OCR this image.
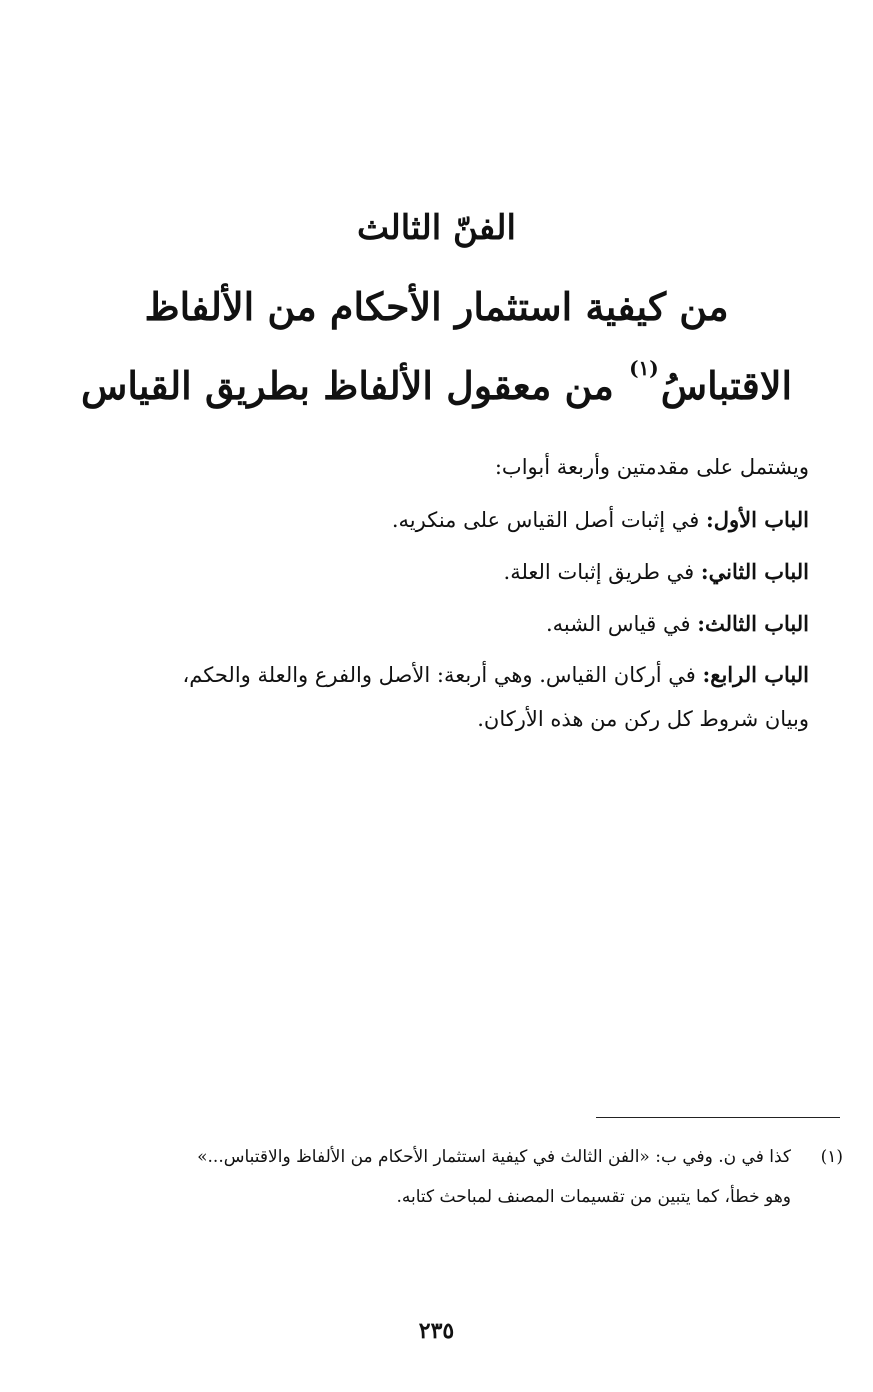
الفنّ الثالث
من كيفية استثمار الأحكام من الألفاظ
الاقتباسُ$^{(١)}$ من معقول الألفاظ بطريق القياس
ويشتمل على مقدمتين وأربعة أبواب:
الباب الأول: في إثبات أصل القياس على منكريه.
الباب الثاني: في طريق إثبات العلة.
الباب الثالث: في قياس الشبه.
الباب الرابع: في أركان القياس. وهي أربعة: الأصل والفرع والعلة والحكم،
وبيان شروط كل ركن من هذه الأركان.
(١)
كذا في ن. وفي ب: «الفن الثالث في كيفية استثمار الأحكام من الألفاظ والاقتباس...»
وهو خطأ، كما يتبين من تقسيمات المصنف لمباحث كتابه.
٢٣٥
